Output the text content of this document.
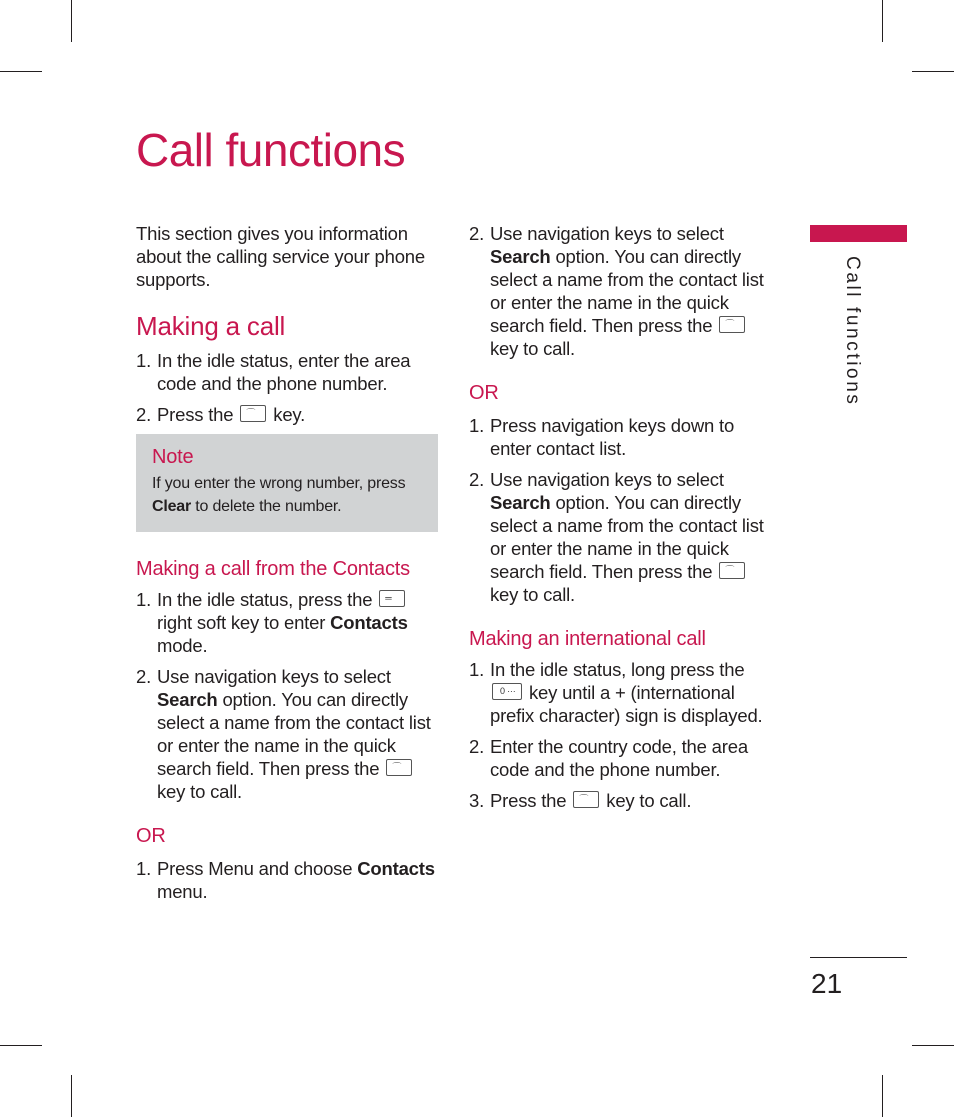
Call functions

This section gives you information about the calling service your phone supports.

Making a call
1. In the idle status, enter the area code and the phone number.
2. Press the ⌒ key.
Note
If you enter the wrong number, press Clear to delete the number.
Making a call from the Contacts
1. In the idle status, press the ═
right soft key to enter Contacts mode.
2. Use navigation keys to select Search option. You can directly select a name from the contact list or enter the name in the quick search field. Then press the ⌒
key to call.
OR
1. Press Menu and choose Contacts menu.
2. Use navigation keys to select Search option. You can directly select a name from the contact list or enter the name in the quick search field. Then press the ⌒
key to call.
OR
1. Press navigation keys down to enter contact list.
2. Use navigation keys to select Search option. You can directly select a name from the contact list or enter the name in the quick search field. Then press the ⌒
key to call.
Making an international call
1. In the idle status, long press the
0 ··· key until a + (international prefix character) sign is displayed.
2. Enter the country code, the area code and the phone number.
3. Press the ⌒ key to call.
Call functions
21
